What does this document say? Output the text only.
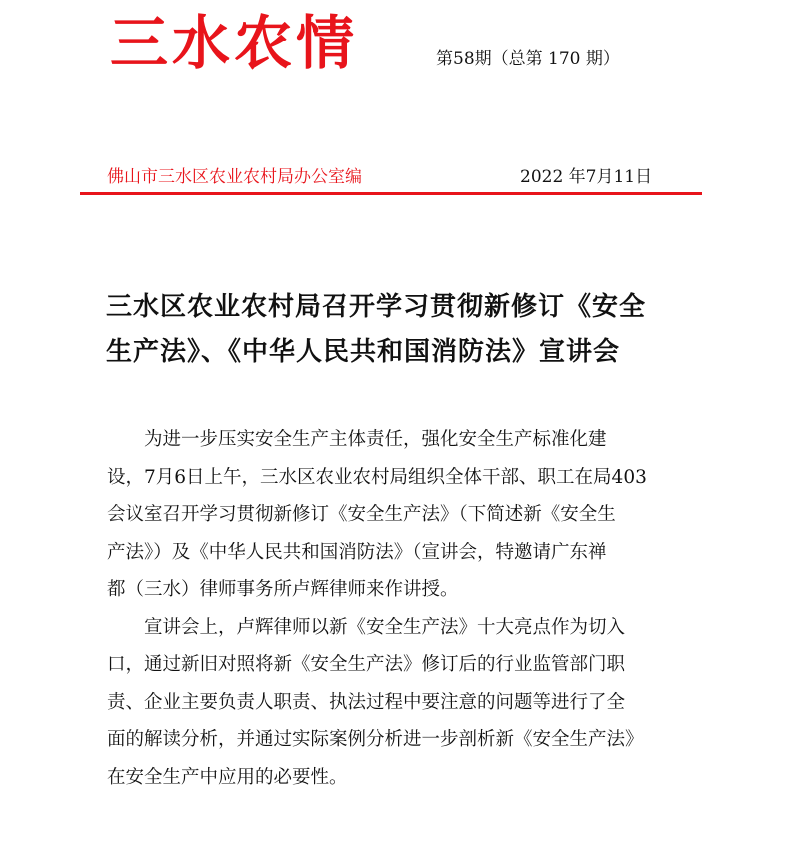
三水农情	第58期（总第 170 期）
佛山市三水区农业农村局办公室编	2022 年7月11日
三水区农业农村局召开学习贯彻新修订《安全
生产法》、《中华人民共和国消防法》宣讲会
　　为进一步压实安全生产主体责任，强化安全生产标准化建
设，7月6日上午，三水区农业农村局组织全体干部、职工在局403
会议室召开学习贯彻新修订《安全生产法》（下简述新《安全生
产法》）及《中华人民共和国消防法》（宣讲会，特邀请广东禅
都（三水）律师事务所卢辉律师来作讲授。
　　宣讲会上，卢辉律师以新《安全生产法》十大亮点作为切入
口，通过新旧对照将新《安全生产法》修订后的行业监管部门职
责、企业主要负责人职责、执法过程中要注意的问题等进行了全
面的解读分析，并通过实际案例分析进一步剖析新《安全生产法》
在安全生产中应用的必要性。
